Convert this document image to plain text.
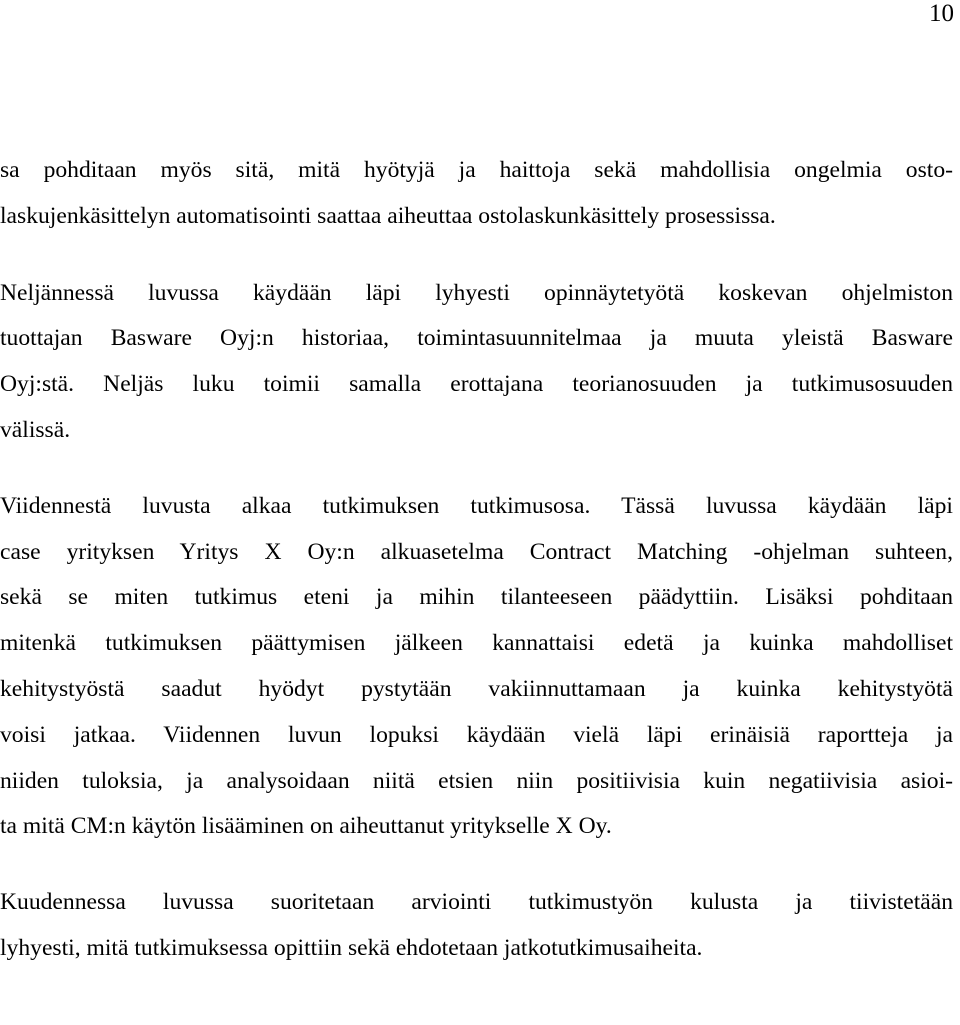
10
sa pohditaan myös sitä, mitä hyötyjä ja haittoja sekä mahdollisia ongelmia osto-
laskujenkäsittelyn automatisointi saattaa aiheuttaa ostolaskunkäsittely prosessissa.
Neljännessä luvussa käydään läpi lyhyesti opinnäytetyötä koskevan ohjelmiston
tuottajan Basware Oyj:n historiaa, toimintasuunnitelmaa ja muuta yleistä Basware
Oyj:stä. Neljäs luku toimii samalla erottajana teorianosuuden ja tutkimusosuuden
välissä.
Viidennestä luvusta alkaa tutkimuksen tutkimusosa. Tässä luvussa käydään läpi
case yrityksen Yritys X Oy:n alkuasetelma Contract Matching -ohjelman suhteen,
sekä se miten tutkimus eteni ja mihin tilanteeseen päädyttiin. Lisäksi pohditaan
mitenkä tutkimuksen päättymisen jälkeen kannattaisi edetä ja kuinka mahdolliset
kehitystyöstä saadut hyödyt pystytään vakiinnuttamaan ja kuinka kehitystyötä
voisi jatkaa. Viidennen luvun lopuksi käydään vielä läpi erinäisiä raportteja ja
niiden tuloksia, ja analysoidaan niitä etsien niin positiivisia kuin negatiivisia asioi-
ta mitä CM:n käytön lisääminen on aiheuttanut yritykselle X Oy.
Kuudennessa luvussa suoritetaan arviointi tutkimustyön kulusta ja tiivistetään
lyhyesti, mitä tutkimuksessa opittiin sekä ehdotetaan jatkotutkimusaiheita.
